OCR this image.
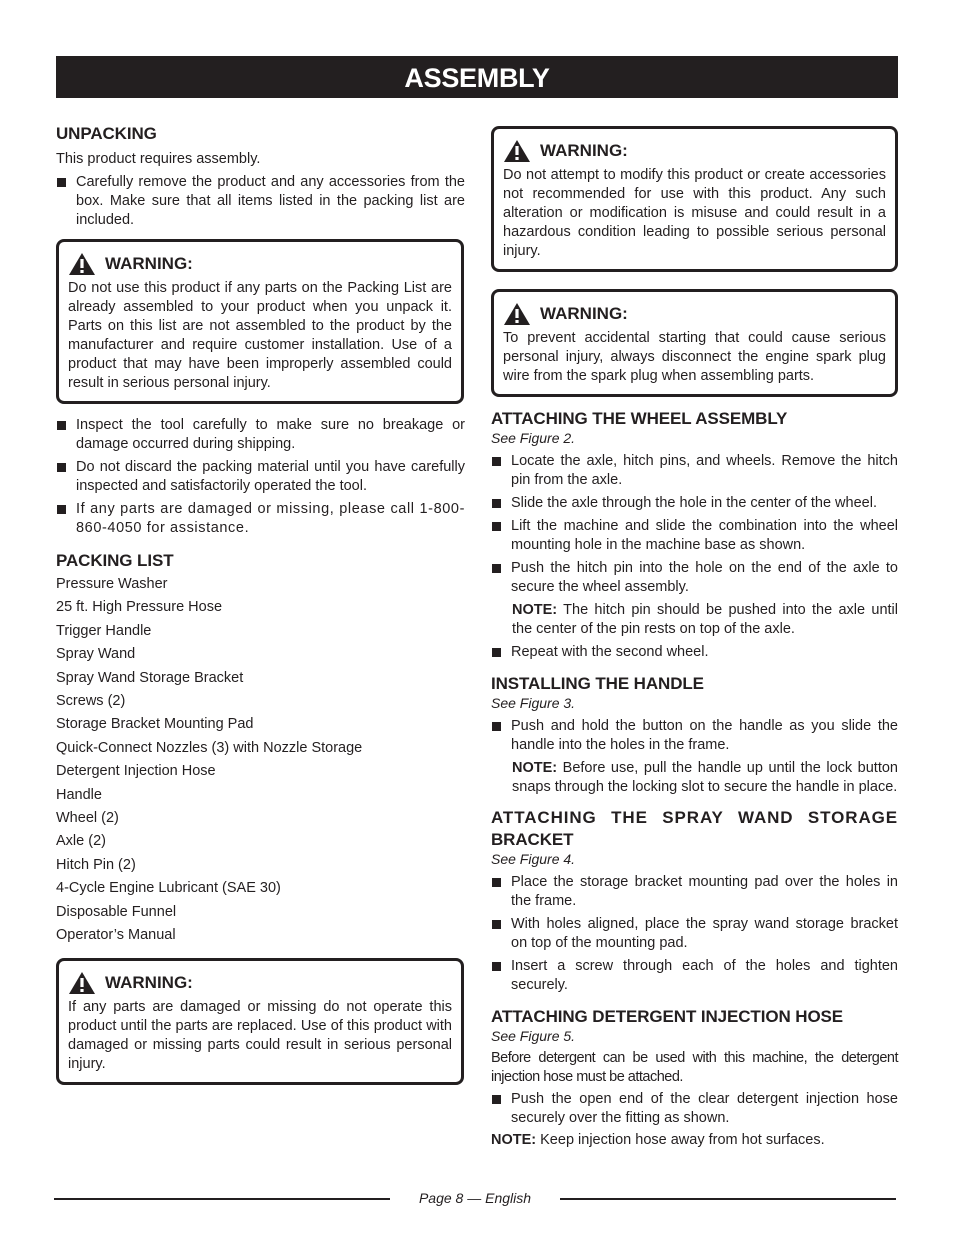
ASSEMBLY
UNPACKING

This product requires assembly.

Carefully remove the product and any accessories from the box. Make sure that all items listed in the packing list are included.
WARNING:

Do not use this product if any parts on the Packing List are already assembled to your product when you unpack it. Parts on this list are not assembled to the product by the manufacturer and require customer installation. Use of a product that may have been improperly assembled could result in serious personal injury.

Inspect the tool carefully to make sure no breakage or damage occurred during shipping.
Do not discard the packing material until you have carefully inspected and satisfactorily operated the tool.
If any parts are damaged or missing, please call 1-800-860-4050 for assistance.
PACKING LIST
Pressure Washer
25 ft. High Pressure Hose
Trigger Handle
Spray Wand
Spray Wand Storage Bracket
Screws (2)
Storage Bracket Mounting Pad
Quick-Connect Nozzles (3) with Nozzle Storage
Detergent Injection Hose
Handle
Wheel (2)
Axle (2)
Hitch Pin (2)
4-Cycle Engine Lubricant (SAE 30)
Disposable Funnel
Operator’s Manual
WARNING:

If any parts are damaged or missing do not operate this product until the parts are replaced. Use of this product with damaged or missing parts could result in serious personal injury.

WARNING:

Do not attempt to modify this product or create accessories not recommended for use with this product. Any such alteration or modification is misuse and could result in a hazardous condition leading to possible serious personal injury.

WARNING:

To prevent accidental starting that could cause serious personal injury, always disconnect the engine spark plug wire from the spark plug when assembling parts.

ATTACHING THE WHEEL ASSEMBLY

See Figure 2.

Locate the axle, hitch pins, and wheels. Remove the hitch pin from the axle.
Slide the axle through the hole in the center of the wheel.
Lift the machine and slide the combination into the wheel mounting hole in the machine base as shown.
Push the hitch pin into the hole on the end of the axle to secure the wheel assembly.

NOTE: The hitch pin should be pushed into the axle until the center of the pin rests on top of the axle.

Repeat with the second wheel.
INSTALLING THE HANDLE

See Figure 3.

Push and hold the button on the handle as you slide the handle into the holes in the frame.

NOTE: Before use, pull the handle up until the lock button snaps through the locking slot to secure the handle in place.

ATTACHING THE SPRAY WAND STORAGE
BRACKET

See Figure 4.

Place the storage bracket mounting pad over the holes in the frame.
With holes aligned, place the spray wand storage bracket on top of the mounting pad.
Insert a screw through each of the holes and tighten securely.
ATTACHING DETERGENT INJECTION HOSE

See Figure 5.

Before detergent can be used with this machine, the detergent injection hose must be attached.

Push the open end of the clear detergent injection hose securely over the fitting as shown.

NOTE: Keep injection hose away from hot surfaces.

Page 8 — English
